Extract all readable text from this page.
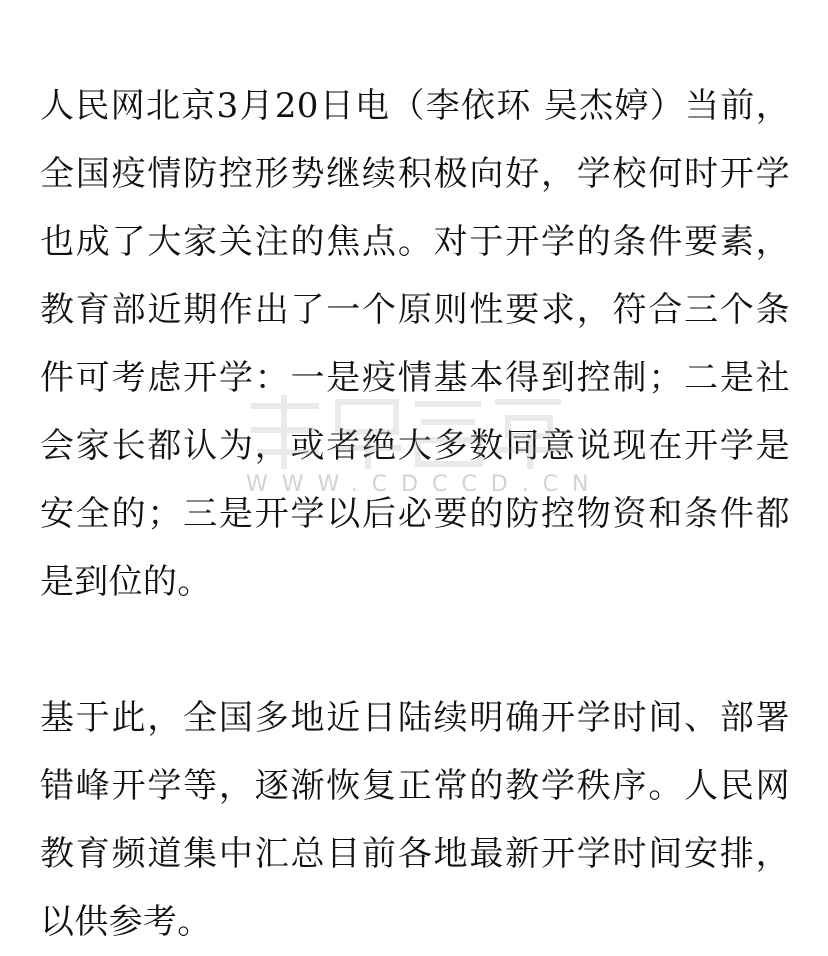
人民网北京3月20日电（李依环 吴杰婷）当前，全国疫情防控形势继续积极向好，学校何时开学也成了大家关注的焦点。对于开学的条件要素，教育部近期作出了一个原则性要求，符合三个条件可考虑开学：一是疫情基本得到控制；二是社会家长都认为，或者绝大多数同意说现在开学是安全的；三是开学以后必要的防控物资和条件都是到位的。

基于此，全国多地近日陆续明确开学时间、部署错峰开学等，逐渐恢复正常的教学秩序。人民网教育频道集中汇总目前各地最新开学时间安排，以供参考。

WWW.CDCCD.CN
